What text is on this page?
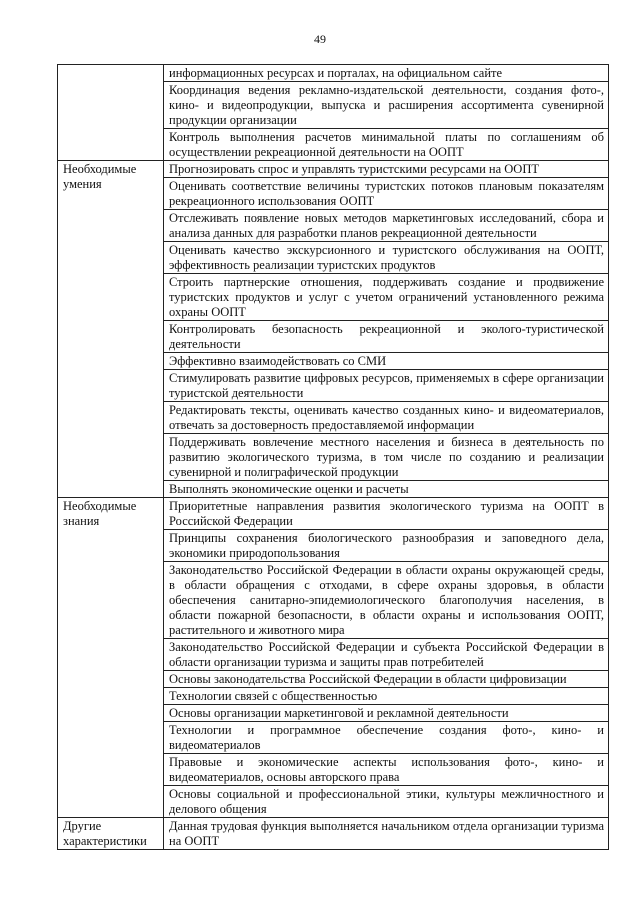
49
	информационных ресурсах и порталах, на официальном сайте
	Координация ведения рекламно-издательской деятельности, создания фото-, кино- и видеопродукции, выпуска и расширения ассортимента сувенирной продукции организации
	Контроль выполнения расчетов минимальной платы по соглашениям об осуществлении рекреационной деятельности на ООПТ

Необходимые умения	Прогнозировать спрос и управлять туристскими ресурсами на ООПТ
	Оценивать соответствие величины туристских потоков плановым показателям рекреационного использования ООПТ
	Отслеживать появление новых методов маркетинговых исследований, сбора и анализа данных для разработки планов рекреационной деятельности
	Оценивать качество экскурсионного и туристского обслуживания на ООПТ, эффективность реализации туристских продуктов
	Строить партнерские отношения, поддерживать создание и продвижение туристских продуктов и услуг с учетом ограничений установленного режима охраны ООПТ
	Контролировать безопасность рекреационной и эколого-туристической деятельности
	Эффективно взаимодействовать со СМИ
	Стимулировать развитие цифровых ресурсов, применяемых в сфере организации туристской деятельности
	Редактировать тексты, оценивать качество созданных кино- и видеоматериалов, отвечать за достоверность предоставляемой информации
	Поддерживать вовлечение местного населения и бизнеса в деятельность по развитию экологического туризма, в том числе по созданию и реализации сувенирной и полиграфической продукции
	Выполнять экономические оценки и расчеты

Необходимые знания	Приоритетные направления развития экологического туризма на ООПТ в Российской Федерации
	Принципы сохранения биологического разнообразия и заповедного дела, экономики природопользования
	Законодательство Российской Федерации в области охраны окружающей среды, в области обращения с отходами, в сфере охраны здоровья, в области обеспечения санитарно-эпидемиологического благополучия населения, в области пожарной безопасности, в области охраны и использования ООПТ, растительного и животного мира
	Законодательство Российской Федерации и субъекта Российской Федерации в области организации туризма и защиты прав потребителей
	Основы законодательства Российской Федерации в области цифровизации
	Технологии связей с общественностью
	Основы организации маркетинговой и рекламной деятельности
	Технологии и программное обеспечение создания фото-, кино- и видеоматериалов
	Правовые и экономические аспекты использования фото-, кино- и видеоматериалов, основы авторского права
	Основы социальной и профессиональной этики, культуры межличностного и делового общения

Другие характеристики	Данная трудовая функция выполняется начальником отдела организации туризма на ООПТ
